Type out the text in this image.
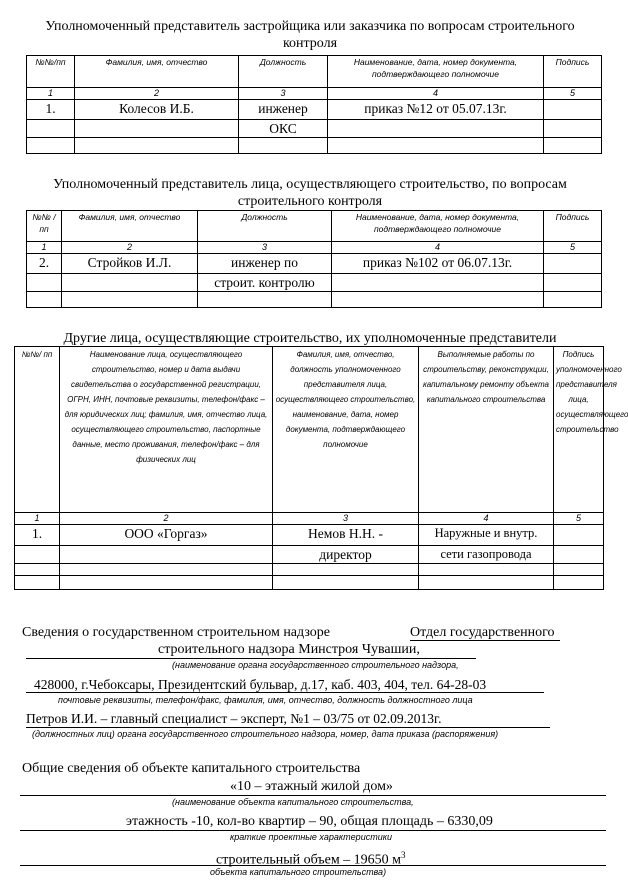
Уполномоченный представитель застройщика или заказчика по вопросам строительного
контроля
№№/пп	Фамилия, имя, отчество	Должность	Наименование, дата, номер документа, подтверждающего полномочие	Подпись
1	2	3	4	5
1.	Колесов И.Б.	инженер	приказ №12 от 05.07.13г.	
		ОКС		

Уполномоченный представитель лица, осуществляющего строительство, по вопросам
строительного контроля
№№ /пп	Фамилия, имя, отчество	Должность	Наименование, дата, номер документа, подтверждающего полномочие	Подпись
1	2	3	4	5
2.	Стройков И.Л.	инженер по	приказ №102 от 06.07.13г.	
		строит. контролю		

Другие лица, осуществляющие строительство, их уполномоченные представители
№№/ пп	Наименование лица, осуществляющего строительство, номер и дата выдачи свидетельства о государственной регистрации, ОГРН, ИНН, почтовые реквизиты, телефон/факс – для юридических лиц; фамилия, имя, отчество лица, осуществляющего строительство, паспортные данные, место проживания, телефон/факс – для физических лиц	Фамилия, имя, отчество, должность уполномоченного представителя лица, осуществляющего строительство, наименование, дата, номер документа, подтверждающего полномочие	Выполняемые работы по строительству, реконструкции, капитальному ремонту объекта капитального строительства	Подпись уполномоченного представителя лица, осуществляющего строительство
1	2	3	4	5
1.	ООО «Горгаз»	Немов Н.Н. -	Наружные и внутр.	
		директор	сети газопровода	

Сведения о государственном строительном надзоре	Отдел государственного
строительного надзора Минстроя Чувашии,
(наименование органа государственного строительного надзора,
428000, г.Чебоксары, Президентский бульвар, д.17, каб. 403, 404, тел. 64-28-03
почтовые реквизиты, телефон/факс, фамилия, имя, отчество, должность должностного лица
Петров И.И. – главный специалист – эксперт, №1 – 03/75 от 02.09.2013г.
(должностных лиц) органа государственного строительного надзора, номер, дата приказа (распоряжения)
Общие сведения об объекте капитального строительства
«10 – этажный жилой дом»
(наименование объекта капитального строительства,
этажность -10, кол-во квартир – 90, общая площадь – 6330,09
краткие проектные характеристики
строительный объем – 19650 $м^3$
объекта капитального строительства)
